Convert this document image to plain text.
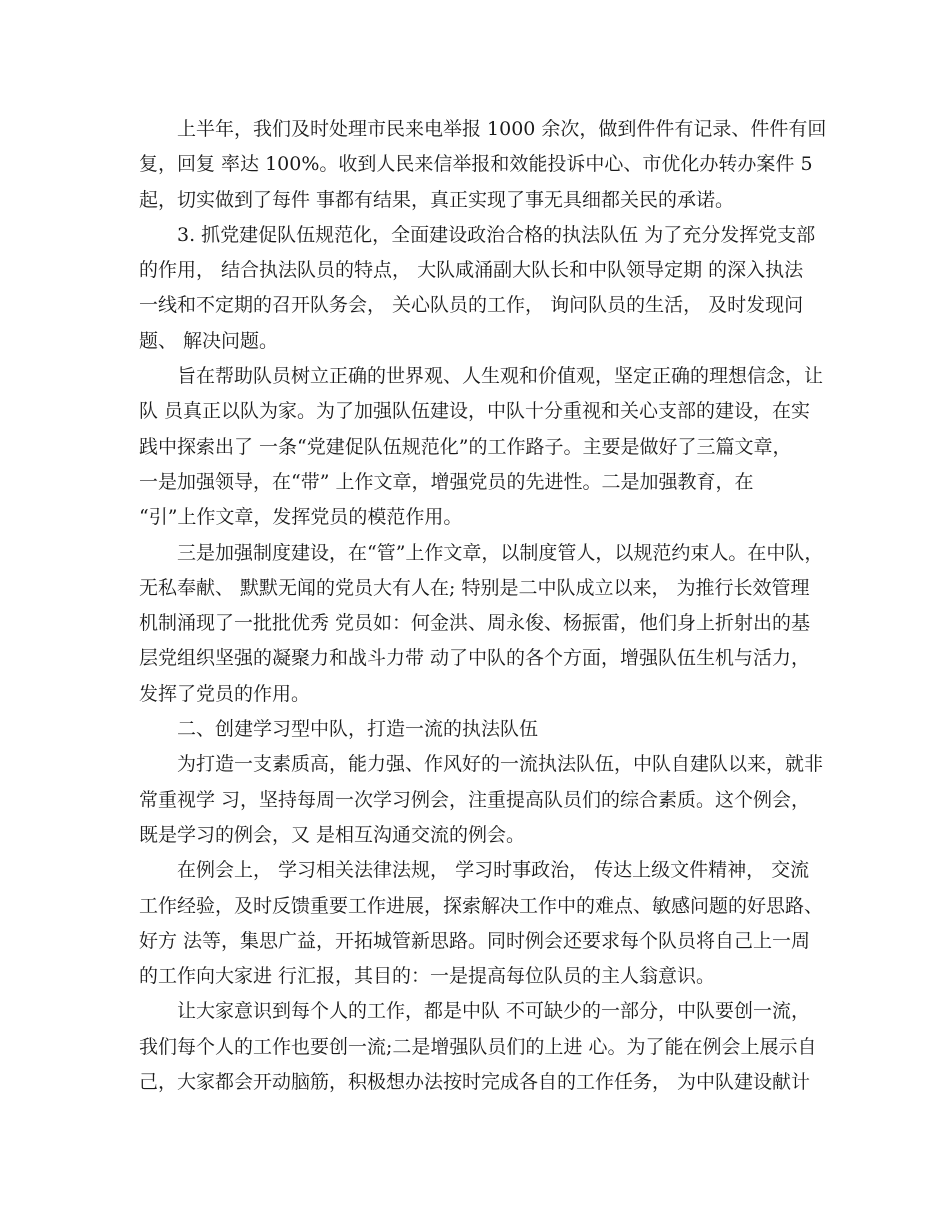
　　上半年，我们及时处理市民来电举报 1000 余次，做到件件有记录、件件有回
复，回复 率达 100%。收到人民来信举报和效能投诉中心、市优化办转办案件 5
起，切实做到了每件 事都有结果，真正实现了事无具细都关民的承诺。
　　3. 抓党建促队伍规范化，全面建设政治合格的执法队伍 为了充分发挥党支部
的作用， 结合执法队员的特点， 大队咸涌副大队长和中队领导定期 的深入执法
一线和不定期的召开队务会， 关心队员的工作， 询问队员的生活， 及时发现问
题、 解决问题。
　　旨在帮助队员树立正确的世界观、人生观和价值观，坚定正确的理想信念，让
队 员真正以队为家。为了加强队伍建设，中队十分重视和关心支部的建设，在实
践中探索出了 一条“党建促队伍规范化”的工作路子。主要是做好了三篇文章，
一是加强领导，在“带” 上作文章，增强党员的先进性。二是加强教育，在
“引”上作文章，发挥党员的模范作用。
　　三是加强制度建设，在“管”上作文章，以制度管人，以规范约束人。在中队，
无私奉献、 默默无闻的党员大有人在; 特别是二中队成立以来， 为推行长效管理
机制涌现了一批批优秀 党员如：何金洪、周永俊、杨振雷，他们身上折射出的基
层党组织坚强的凝聚力和战斗力带 动了中队的各个方面，增强队伍生机与活力，
发挥了党员的作用。
　　二、创建学习型中队，打造一流的执法队伍
　　为打造一支素质高，能力强、作风好的一流执法队伍，中队自建队以来，就非
常重视学 习，坚持每周一次学习例会，注重提高队员们的综合素质。这个例会，
既是学习的例会，又 是相互沟通交流的例会。
　　在例会上， 学习相关法律法规， 学习时事政治， 传达上级文件精神， 交流
工作经验，及时反馈重要工作进展，探索解决工作中的难点、敏感问题的好思路、
好方 法等，集思广益，开拓城管新思路。同时例会还要求每个队员将自己上一周
的工作向大家进 行汇报，其目的：一是提高每位队员的主人翁意识。
　　让大家意识到每个人的工作，都是中队 不可缺少的一部分，中队要创一流，
我们每个人的工作也要创一流;二是增强队员们的上进 心。为了能在例会上展示自
己，大家都会开动脑筋，积极想办法按时完成各自的工作任务， 为中队建设献计
